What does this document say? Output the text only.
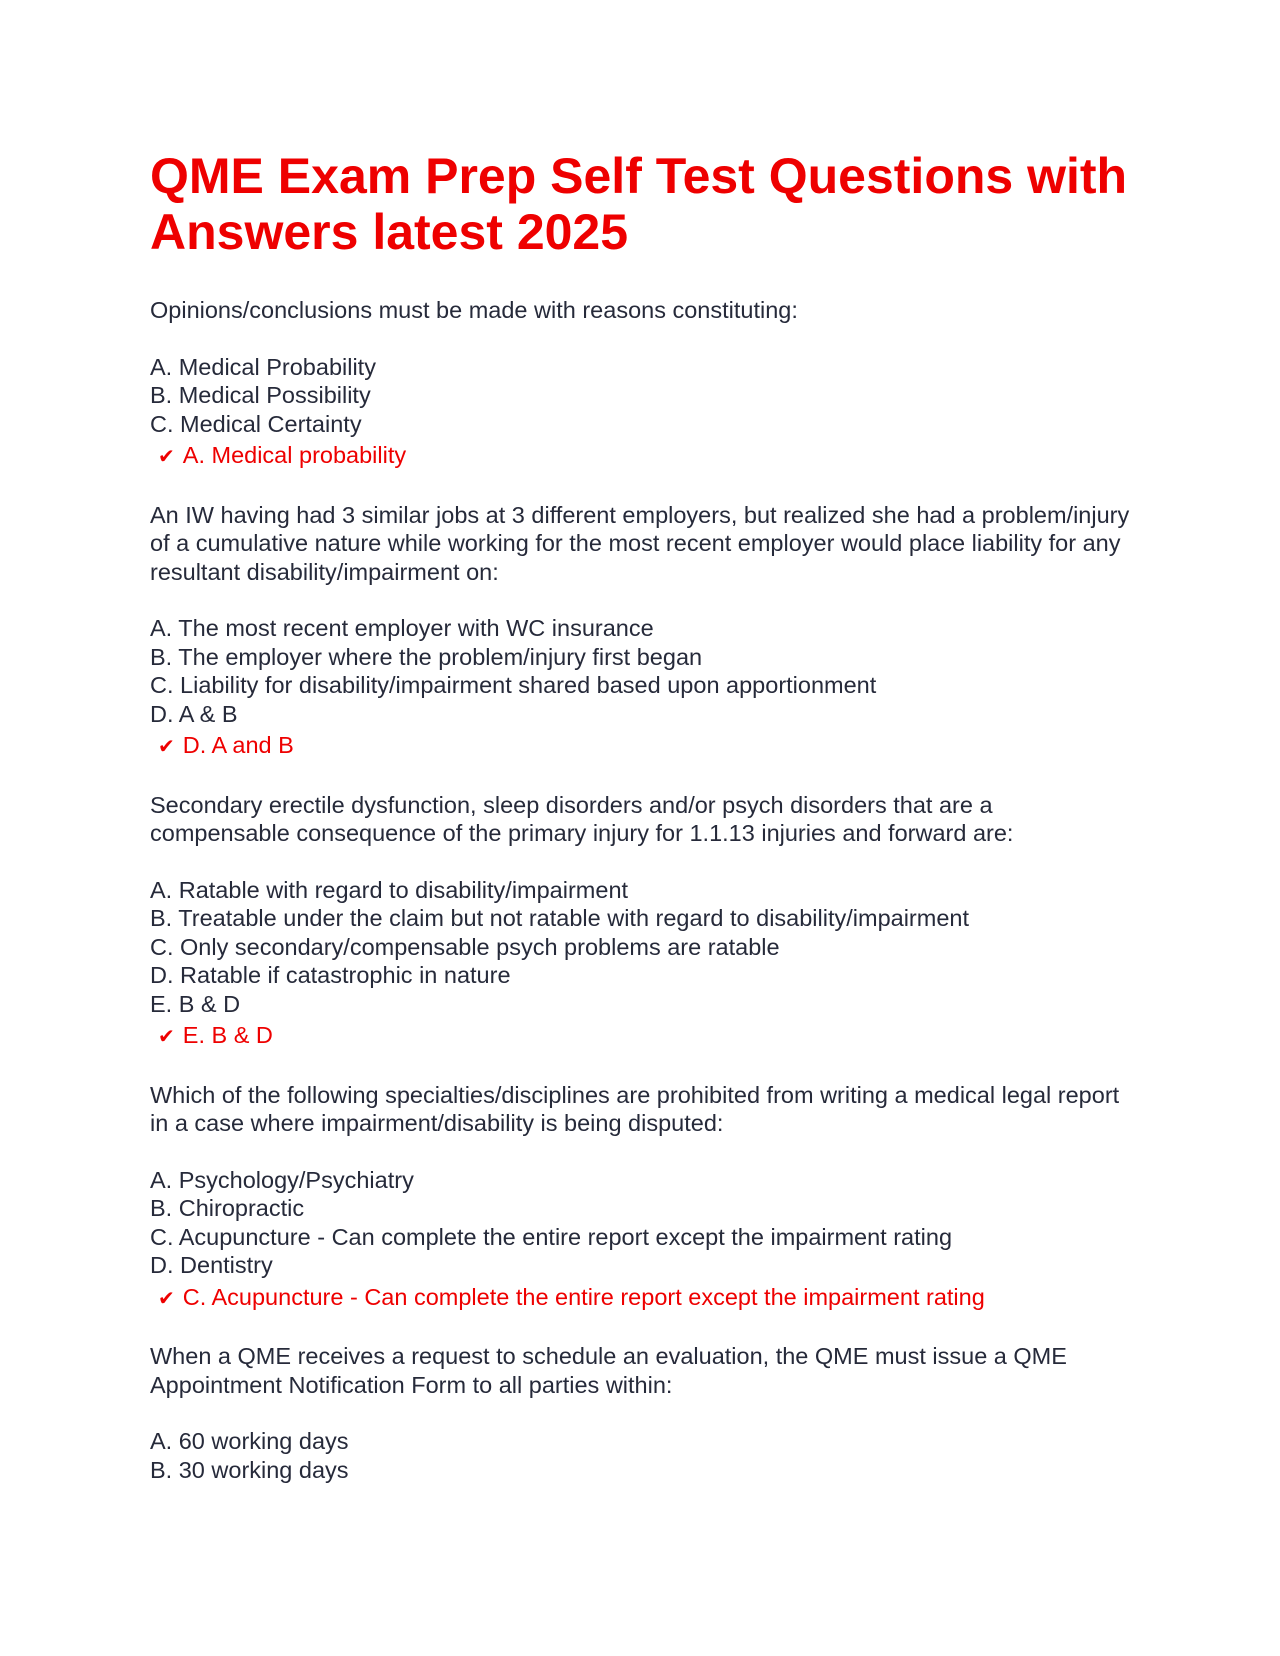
QME Exam Prep Self Test Questions with Answers latest 2025
Opinions/conclusions must be made with reasons constituting:
A. Medical Probability
B. Medical Possibility
C. Medical Certainty
✔ A. Medical probability
An IW having had 3 similar jobs at 3 different employers, but realized she had a problem/injury of a cumulative nature while working for the most recent employer would place liability for any resultant disability/impairment on:
A. The most recent employer with WC insurance
B. The employer where the problem/injury first began
C. Liability for disability/impairment shared based upon apportionment
D. A & B
✔ D. A and B
Secondary erectile dysfunction, sleep disorders and/or psych disorders that are a compensable consequence of the primary injury for 1.1.13 injuries and forward are:
A. Ratable with regard to disability/impairment
B. Treatable under the claim but not ratable with regard to disability/impairment
C. Only secondary/compensable psych problems are ratable
D. Ratable if catastrophic in nature
E. B & D
✔ E. B & D
Which of the following specialties/disciplines are prohibited from writing a medical legal report in a case where impairment/disability is being disputed:
A. Psychology/Psychiatry
B. Chiropractic
C. Acupuncture - Can complete the entire report except the impairment rating
D. Dentistry
✔ C. Acupuncture - Can complete the entire report except the impairment rating
When a QME receives a request to schedule an evaluation, the QME must issue a QME Appointment Notification Form to all parties within:
A. 60 working days
B. 30 working days
